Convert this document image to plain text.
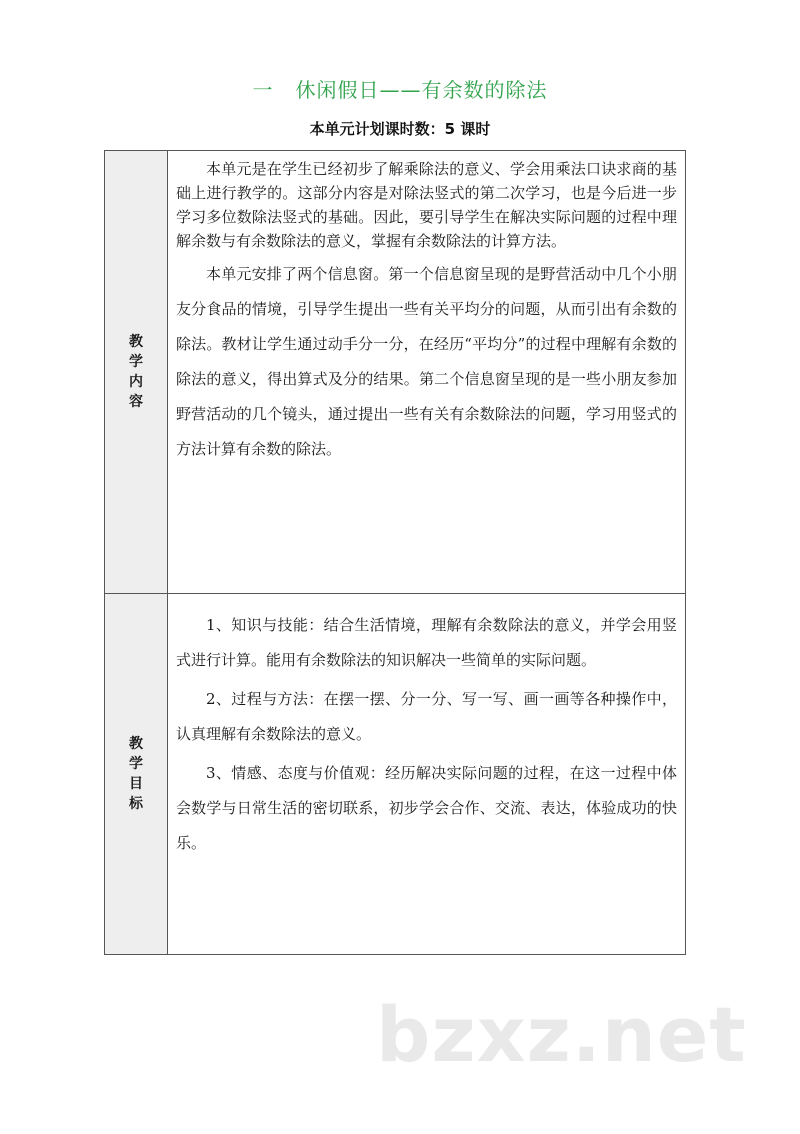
一 休闲假日——有余数的除法
本单元计划课时数：5 课时
教学内容	本单元是在学生已经初步了解乘除法的意义、学会用乘法口诀求商的基础上进行教学的。这部分内容是对除法竖式的第二次学习，也是今后进一步学习多位数除法竖式的基础。因此，要引导学生在解决实际问题的过程中理解余数与有余数除法的意义，掌握有余数除法的计算方法。

本单元安排了两个信息窗。第一个信息窗呈现的是野营活动中几个小朋友分食品的情境，引导学生提出一些有关平均分的问题，从而引出有余数的除法。教材让学生通过动手分一分，在经历“平均分”的过程中理解有余数的除法的意义，得出算式及分的结果。第二个信息窗呈现的是一些小朋友参加野营活动的几个镜头，通过提出一些有关有余数除法的问题，学习用竖式的方法计算有余数的除法。

教学目标	1、知识与技能：结合生活情境，理解有余数除法的意义，并学会用竖式进行计算。能用有余数除法的知识解决一些简单的实际问题。

2、过程与方法：在摆一摆、分一分、写一写、画一画等各种操作中，认真理解有余数除法的意义。

3、情感、态度与价值观：经历解决实际问题的过程，在这一过程中体会数学与日常生活的密切联系，初步学会合作、交流、表达，体验成功的快乐。

bzxz.net
